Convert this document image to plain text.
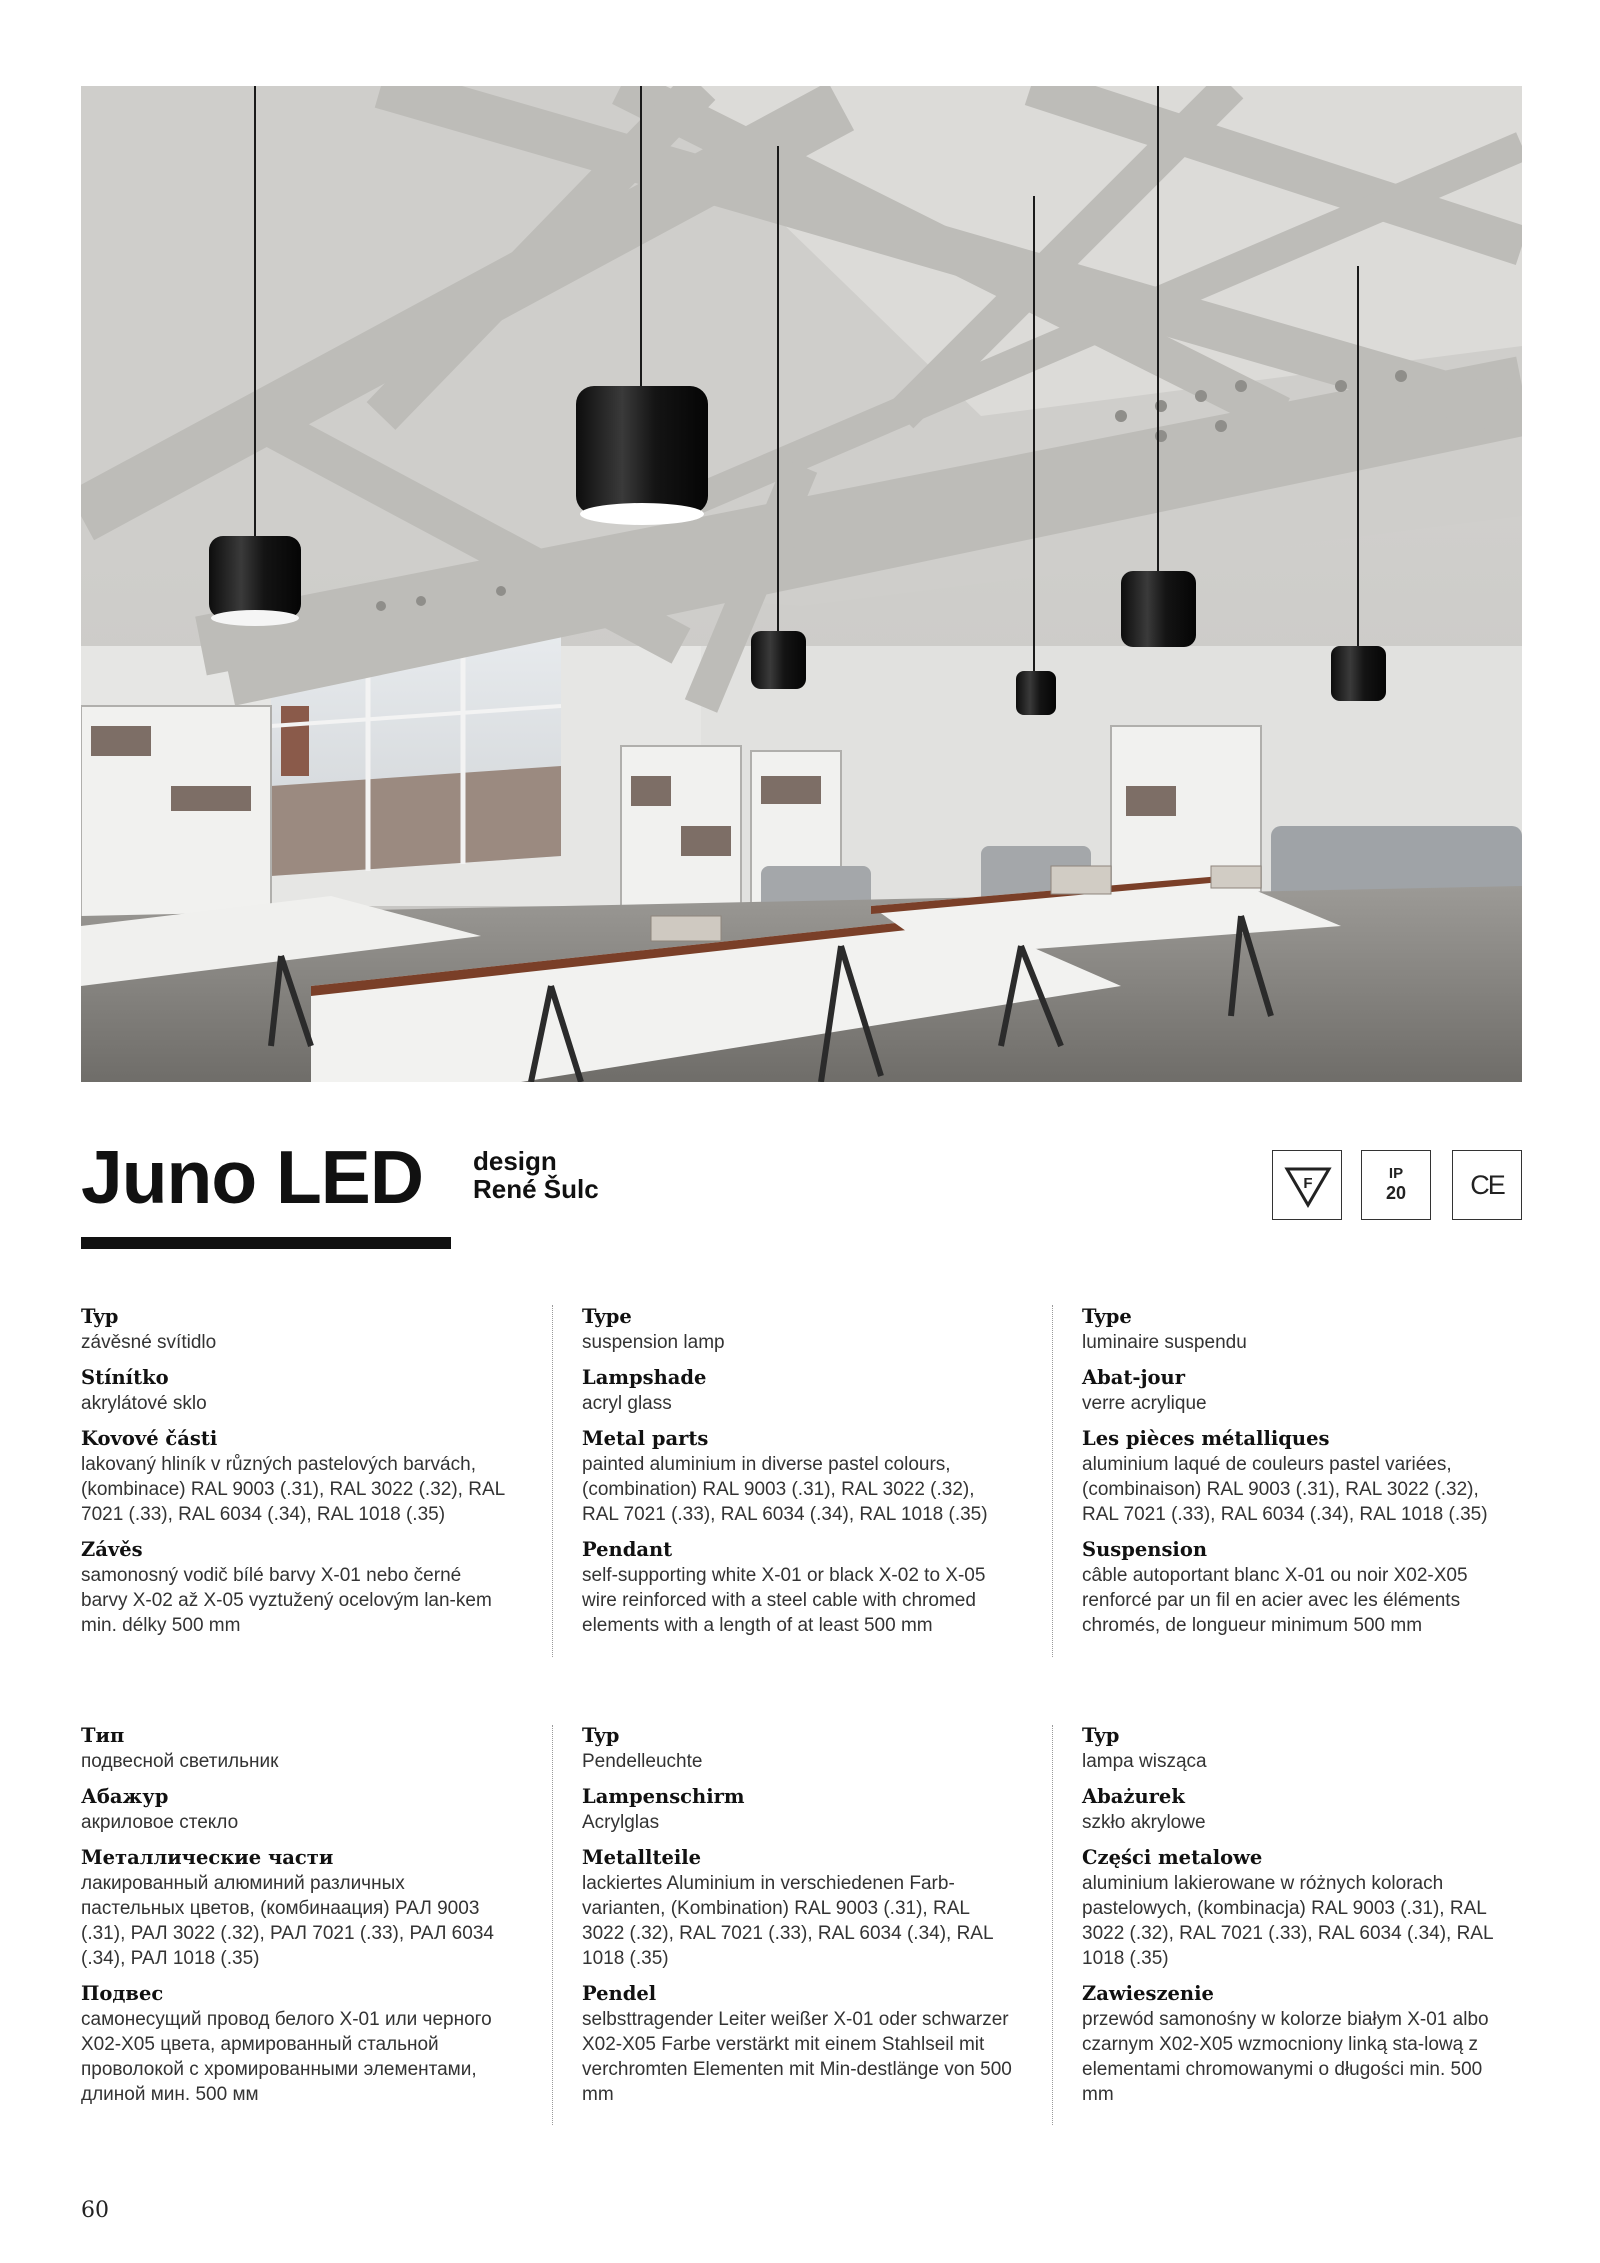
Juno LED design
René Šulc	F
IP
20	CE
Typ
závěsné svítidlo
Stínítko
akrylátové sklo
Kovové části
lakovaný hliník v různých pastelových barvách, (kombinace) RAL 9003 (.31), RAL 3022 (.32), RAL 7021 (.33), RAL 6034 (.34), RAL 1018 (.35)
Závěs
samonosný vodič bílé barvy X-01 nebo černé barvy X-02 až X-05 vyztužený ocelovým lan-kem min. délky 500 mm
Type
suspension lamp
Lampshade
acryl glass
Metal parts
painted aluminium in diverse pastel colours, (combination) RAL 9003 (.31), RAL 3022 (.32), RAL 7021 (.33), RAL 6034 (.34), RAL 1018 (.35)
Pendant
self-supporting white X-01 or black X-02 to X-05 wire reinforced with a steel cable with chromed elements with a length of at least 500 mm
Type
luminaire suspendu
Abat-jour
verre acrylique
Les pièces métalliques
aluminium laqué de couleurs pastel variées, (combinaison) RAL 9003 (.31), RAL 3022 (.32), RAL 7021 (.33), RAL 6034 (.34), RAL 1018 (.35)
Suspension
câble autoportant blanc X-01 ou noir X02-X05 renforcé par un fil en acier avec les éléments chromés, de longueur minimum 500 mm
Тип
подвесной светильник
Абажур
акриловое стекло
Металлические части
лакированный алюминий различных пастельных цветов, (комбинаация) РАЛ 9003 (.31), РАЛ 3022 (.32), РАЛ 7021 (.33), РАЛ 6034 (.34), РАЛ 1018 (.35)
Подвес
самонесущий провод белого X-01 или черного X02-X05 цвета, армированный стальной проволокой с хромированными элементами, длиной мин. 500 мм
Typ
Pendelleuchte
Lampenschirm
Acrylglas
Metallteile
lackiertes Aluminium in verschiedenen Farb-varianten, (Kombination) RAL 9003 (.31), RAL 3022 (.32), RAL 7021 (.33), RAL 6034 (.34), RAL 1018 (.35)
Pendel
selbsttragender Leiter weißer X-01 oder schwarzer X02-X05 Farbe verstärkt mit einem Stahlseil mit verchromten Elementen mit Min-destlänge von 500 mm
Typ
lampa wisząca
Abażurek
szkło akrylowe
Części metalowe
aluminium lakierowane w różnych kolorach pastelowych, (kombinacja) RAL 9003 (.31), RAL 3022 (.32), RAL 7021 (.33), RAL 6034 (.34), RAL 1018 (.35)
Zawieszenie
przewód samonośny w kolorze białym X-01 albo czarnym X02-X05 wzmocniony linką sta-lową z elementami chromowanymi o długości min. 500 mm
60
